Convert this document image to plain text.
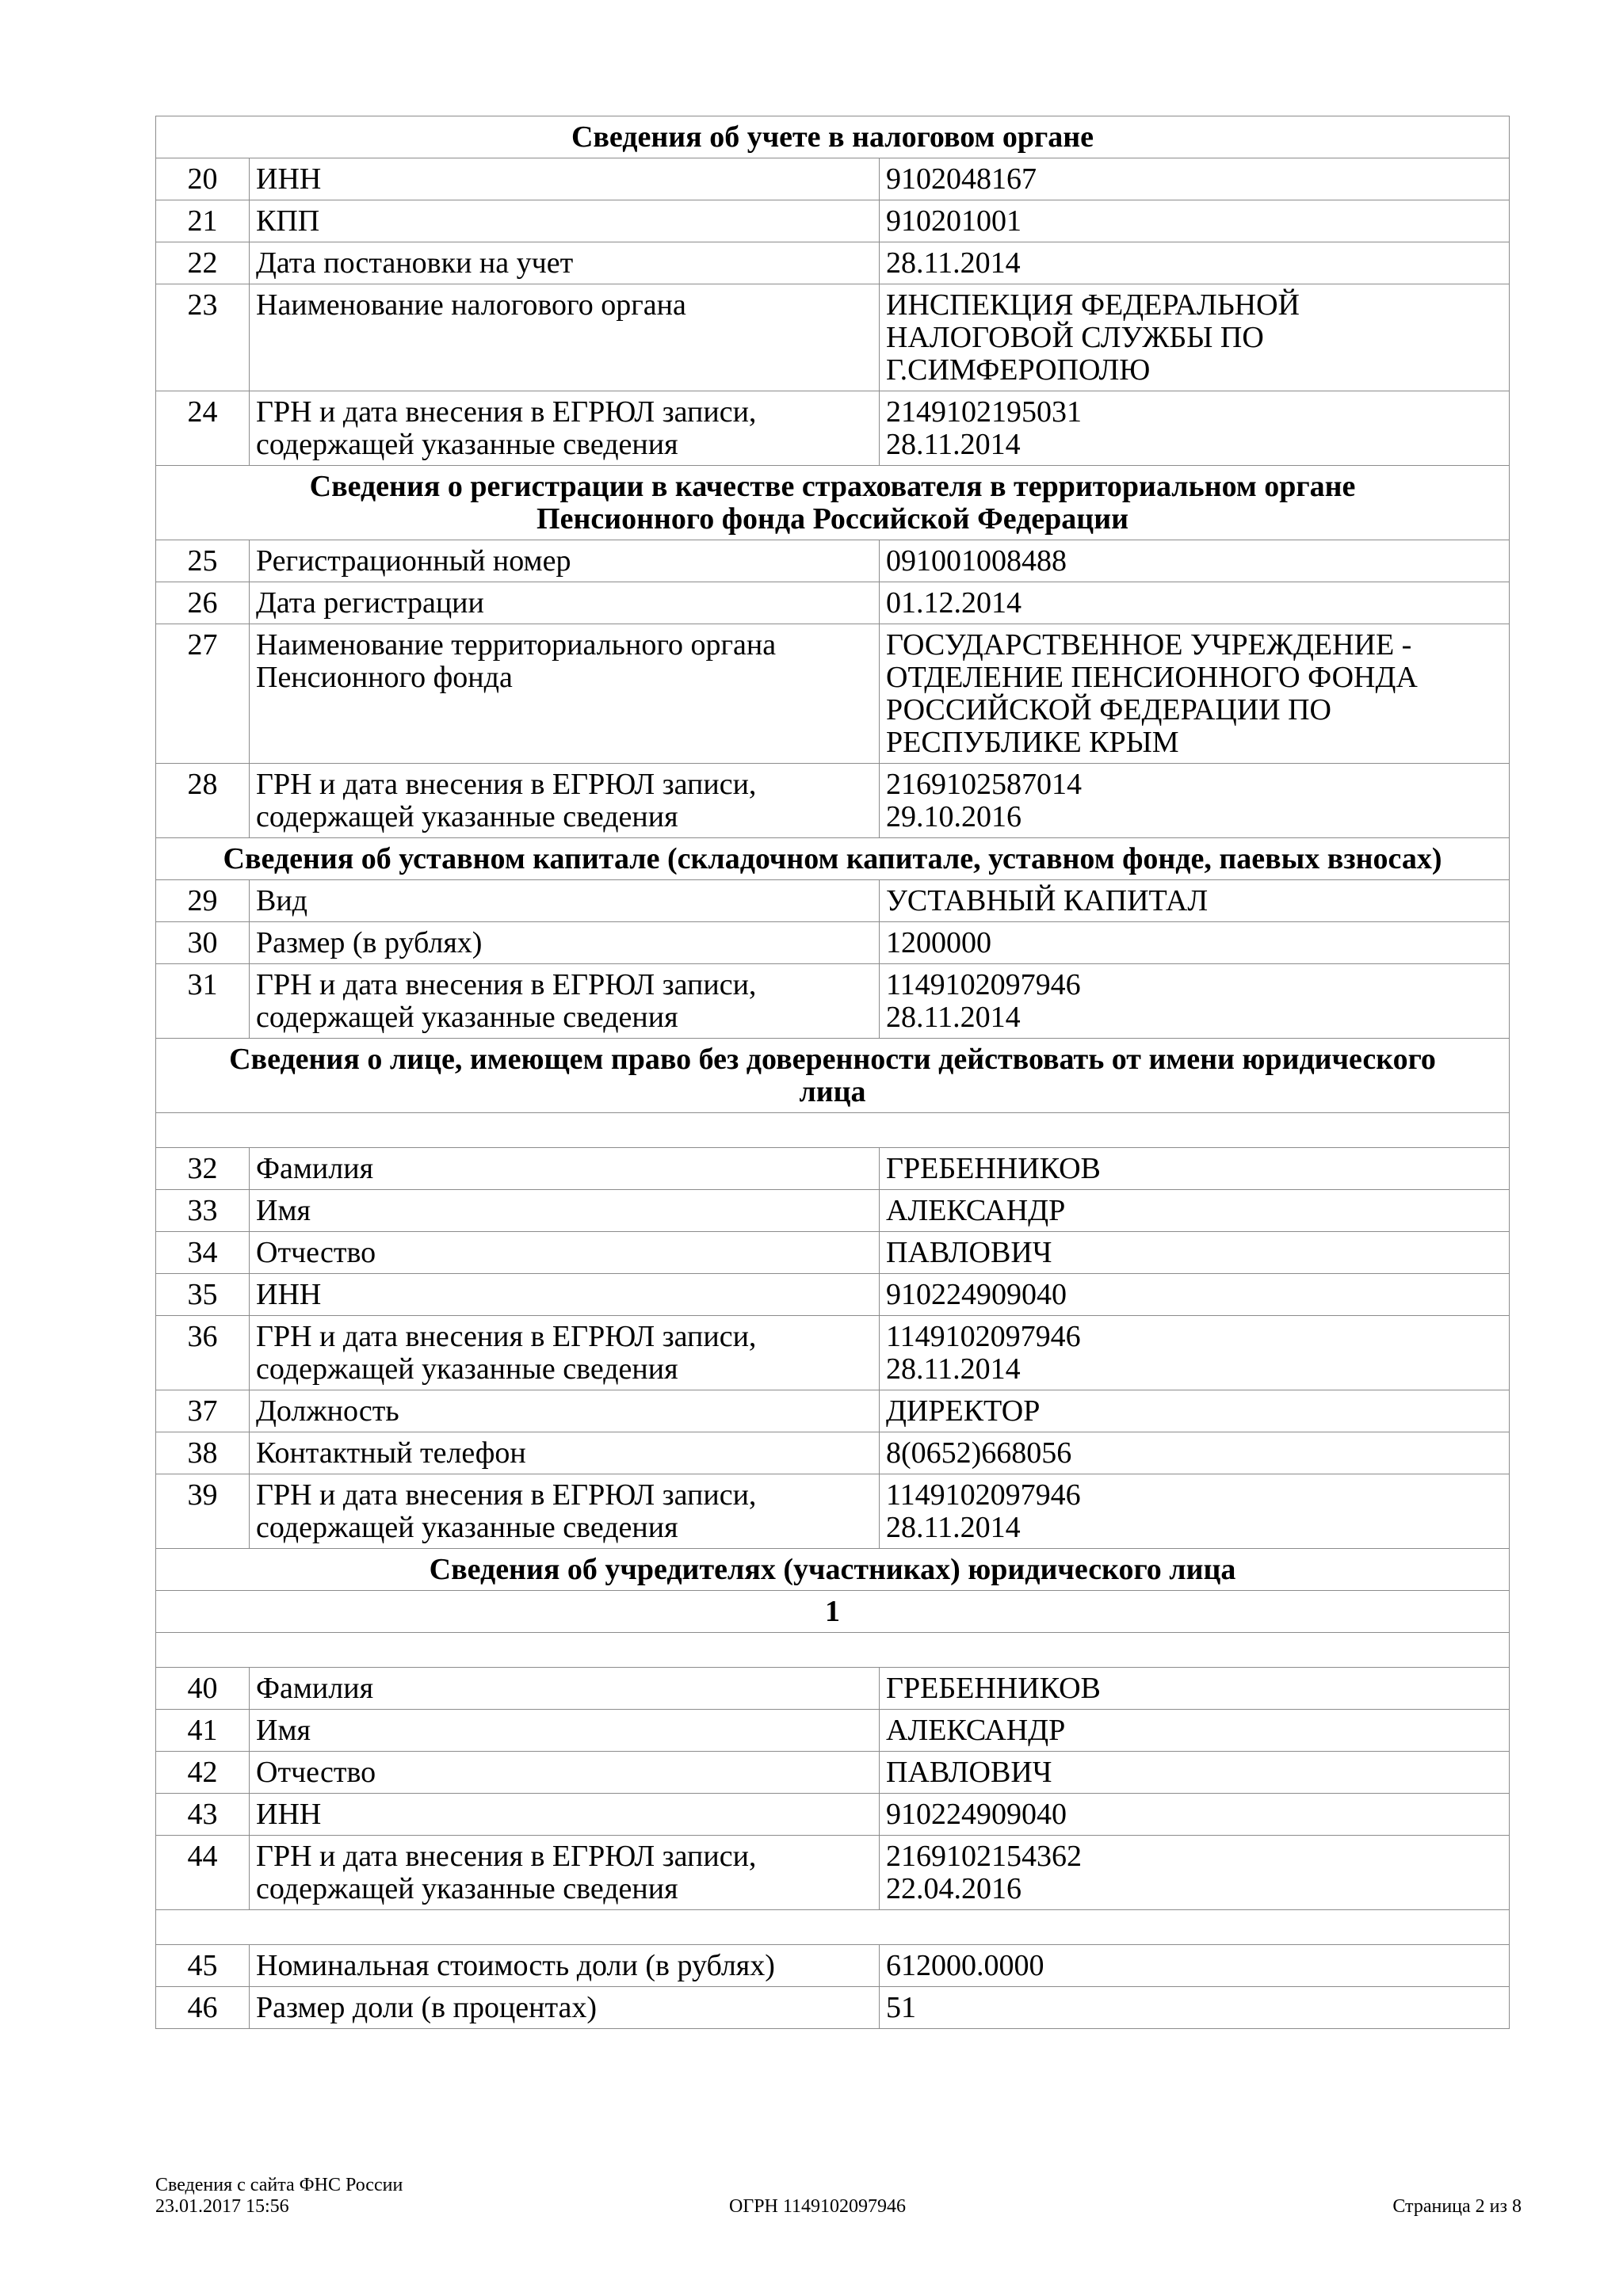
Сведения об учете в налоговом органе		
20	ИНН	9102048167
21	КПП	910201001
22	Дата постановки на учет	28.11.2014
23	Наименование налогового органа	ИНСПЕКЦИЯ ФЕДЕРАЛЬНОЙ
НАЛОГОВОЙ СЛУЖБЫ ПО
Г.СИМФЕРОПОЛЮ
24	ГРН и дата внесения в ЕГРЮЛ записи,
содержащей указанные сведения	2149102195031
28.11.2014
Сведения о регистрации в качестве страхователя в территориальном органе
Пенсионного фонда Российской Федерации		
25	Регистрационный номер	091001008488
26	Дата регистрации	01.12.2014
27	Наименование территориального органа
Пенсионного фонда	ГОСУДАРСТВЕННОЕ УЧРЕЖДЕНИЕ -
ОТДЕЛЕНИЕ ПЕНСИОННОГО ФОНДА
РОССИЙСКОЙ ФЕДЕРАЦИИ ПО
РЕСПУБЛИКЕ КРЫМ
28	ГРН и дата внесения в ЕГРЮЛ записи,
содержащей указанные сведения	2169102587014
29.10.2016
Сведения об уставном капитале (складочном капитале, уставном фонде, паевых взносах)		
29	Вид	УСТАВНЫЙ КАПИТАЛ
30	Размер (в рублях)	1200000
31	ГРН и дата внесения в ЕГРЮЛ записи,
содержащей указанные сведения	1149102097946
28.11.2014
Сведения о лице, имеющем право без доверенности действовать от имени юридического
лица		

32	Фамилия	ГРЕБЕННИКОВ
33	Имя	АЛЕКСАНДР
34	Отчество	ПАВЛОВИЧ
35	ИНН	910224909040
36	ГРН и дата внесения в ЕГРЮЛ записи,
содержащей указанные сведения	1149102097946
28.11.2014
37	Должность	ДИРЕКТОР
38	Контактный телефон	8(0652)668056
39	ГРН и дата внесения в ЕГРЮЛ записи,
содержащей указанные сведения	1149102097946
28.11.2014
Сведения об учредителях (участниках) юридического лица		
1		

40	Фамилия	ГРЕБЕННИКОВ
41	Имя	АЛЕКСАНДР
42	Отчество	ПАВЛОВИЧ
43	ИНН	910224909040
44	ГРН и дата внесения в ЕГРЮЛ записи,
содержащей указанные сведения	2169102154362
22.04.2016

45	Номинальная стоимость доли (в рублях)	612000.0000
46	Размер доли (в процентах)	51
Сведения с сайта ФНС России
23.01.2017 15:56	ОГРН 1149102097946	Страница 2 из 8
